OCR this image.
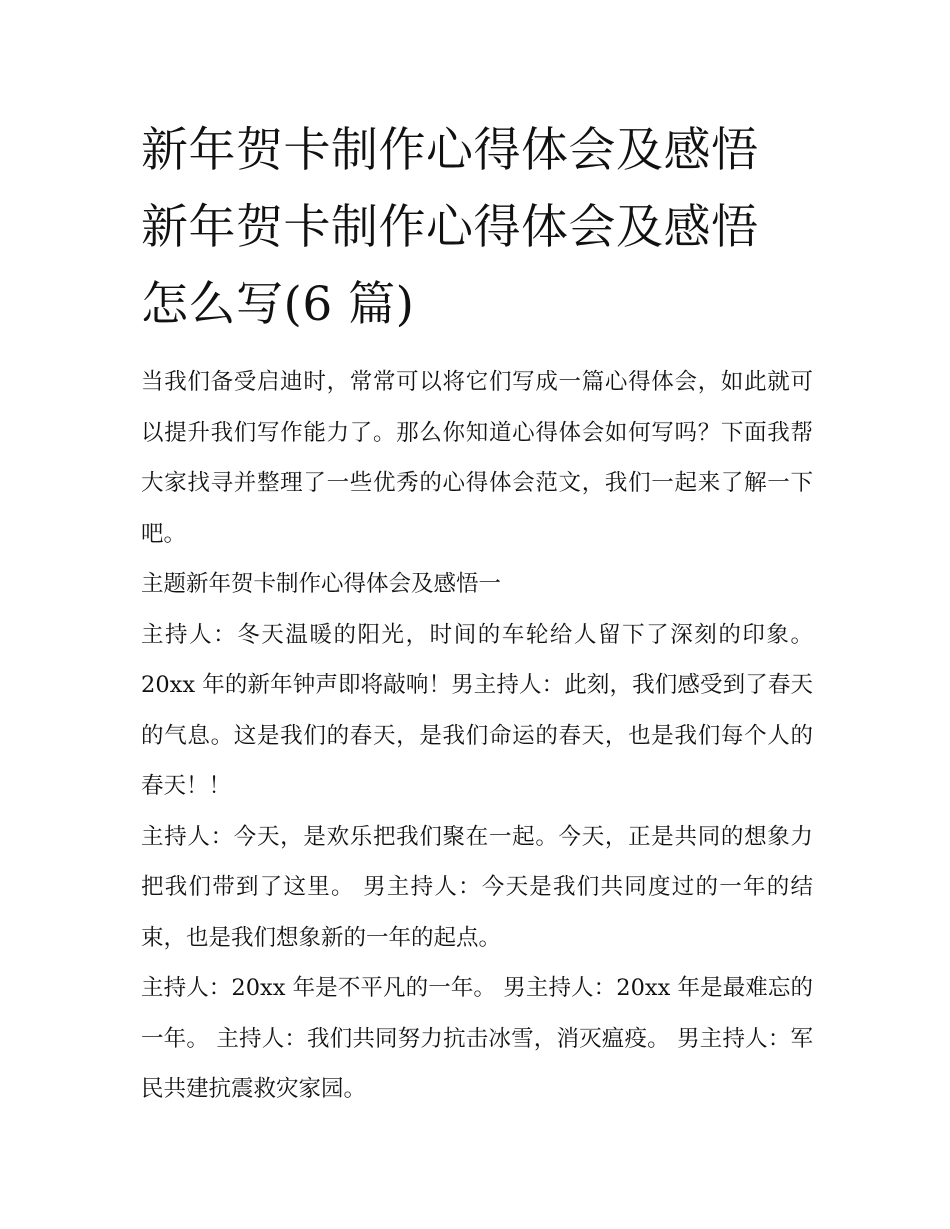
新年贺卡制作心得体会及感悟
新年贺卡制作心得体会及感悟
怎么写(6 篇)

当我们备受启迪时，常常可以将它们写成一篇心得体会，如此就可以提升我们写作能力了。那么你知道心得体会如何写吗？下面我帮大家找寻并整理了一些优秀的心得体会范文，我们一起来了解一下吧。

主题新年贺卡制作心得体会及感悟一

主持人：冬天温暖的阳光，时间的车轮给人留下了深刻的印象。20xx 年的新年钟声即将敲响！男主持人：此刻，我们感受到了春天的气息。这是我们的春天，是我们命运的春天，也是我们每个人的春天！！

主持人：今天，是欢乐把我们聚在一起。今天，正是共同的想象力把我们带到了这里。 男主持人：今天是我们共同度过的一年的结束，也是我们想象新的一年的起点。

主持人：20xx 年是不平凡的一年。 男主持人：20xx 年是最难忘的一年。 主持人：我们共同努力抗击冰雪，消灭瘟疫。 男主持人：军民共建抗震救灾家园。
